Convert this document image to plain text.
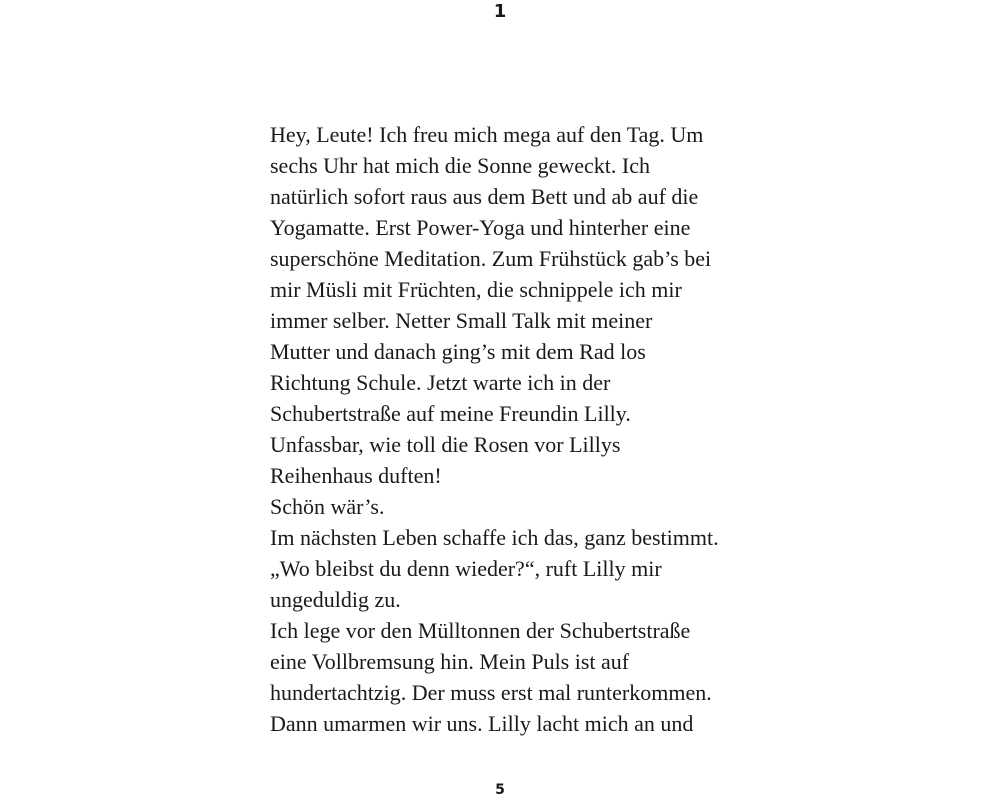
1
Hey, Leute! Ich freu mich mega auf den Tag. Um
sechs Uhr hat mich die Sonne geweckt. Ich
natürlich sofort raus aus dem Bett und ab auf die
Yogamatte. Erst Power-Yoga und hinterher eine
superschöne Meditation. Zum Frühstück gab’s bei
mir Müsli mit Früchten, die schnippele ich mir
immer selber. Netter Small Talk mit meiner
Mutter und danach ging’s mit dem Rad los
Richtung Schule. Jetzt warte ich in der
Schubertstraße auf meine Freundin Lilly.
Unfassbar, wie toll die Rosen vor Lillys
Reihenhaus duften!
Schön wär’s.
Im nächsten Leben schaffe ich das, ganz bestimmt.
„Wo bleibst du denn wieder?“, ruft Lilly mir
ungeduldig zu.
Ich lege vor den Mülltonnen der Schubertstraße
eine Vollbremsung hin. Mein Puls ist auf
hundertachtzig. Der muss erst mal runterkommen.
Dann umarmen wir uns. Lilly lacht mich an und
5
